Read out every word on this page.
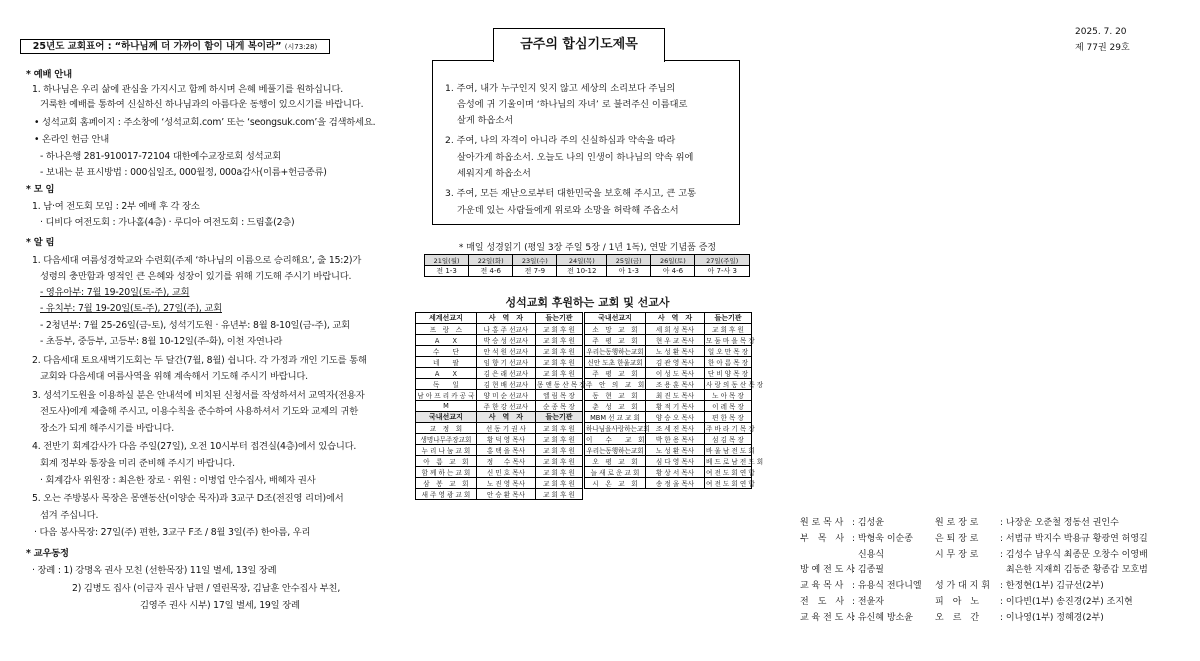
2025. 7. 20
제 77권 29호
25년도 교회표어 : “하나님께 더 가까이 함이 내게 복이라” (시73:28)
* 예배 안내
1. 하나님은 우리 삶에 관심을 가지시고 함께 하시며 은혜 베풀기를 원하십니다.
거룩한 예배를 통하여 신실하신 하나님과의 아름다운 동행이 있으시기를 바랍니다.
• 성석교회 홈페이지 : 주소창에 ‘성석교회.com’ 또는 ‘seongsuk.com’을 검색하세요.
• 온라인 헌금 안내
- 하나은행 281-910017-72104 대한예수교장로회 성석교회
- 보내는 분 표시방법 : 000십일조, 000월정, 000a감사(이름+헌금종류)
* 모 임
1. 남·여 전도회 모임 : 2부 예배 후 각 장소
· 디비다 여전도회 : 가나홀(4층) · 루디아 여전도회 : 드림홀(2층)
* 알 림
1. 다음세대 여름성경학교와 수련회(주제 ‘하나님의 이름으로 승리해요’, 출 15:2)가
성령의 충만함과 영적인 큰 은혜와 성장이 있기를 위해 기도해 주시기 바랍니다.
- 영유아부: 7월 19-20일(토-주), 교회
- 유치부: 7월 19-20일(토-주), 27일(주), 교회
- 2청년부: 7월 25-26일(금-토), 성석기도원 · 유년부: 8월 8-10일(금-주), 교회
- 초등부, 중등부, 고등부: 8월 10-12일(주-화), 이천 자연나라
2. 다음세대 토요새벽기도회는 두 달간(7월, 8월) 쉽니다. 각 가정과 개인 기도를 통해
교회와 다음세대 여름사역을 위해 계속해서 기도해 주시기 바랍니다.
3. 성석기도원을 이용하실 분은 안내석에 비치된 신청서를 작성하셔서 교역자(전용자
전도사)에게 제출해 주시고, 이용수칙을 준수하여 사용하셔서 기도와 교제의 귀한
장소가 되게 해주시기를 바랍니다.
4. 전반기 회계감사가 다음 주일(27일), 오전 10시부터 접견실(4층)에서 있습니다.
회계 정부와 통장을 미리 준비해 주시기 바랍니다.
· 회계감사 위원장 : 최은한 장로 · 위원 : 이병업 안수집사, 배혜자 권사
5. 오는 주방봉사 목장은 몽앤동산(이양순 목자)과 3교구 D조(전진영 리더)에서
섬겨 주십니다.
· 다음 봉사목장: 27일(주) 편한, 3교구 F조 / 8월 3일(주) 한아름, 우리
* 교우동정
· 장례 : 1) 강명옥 권사 모친 (선한목장) 11일 별세, 13일 장례
2) 김병도 집사 (이금자 권사 남편 / 열린목장, 김남훈 안수집사 부친,
김영주 권사 시부) 17일 별세, 19일 장례
1. 주여, 내가 누구인지 잊지 않고 세상의 소리보다 주님의
음성에 귀 기울이며 ‘하나님의 자녀’ 로 불려주신 이름대로
살게 하옵소서
2. 주여, 나의 자격이 아니라 주의 신실하심과 약속을 따라
살아가게 하옵소서. 오늘도 나의 인생이 하나님의 약속 위에
세워지게 하옵소서
3. 주여, 모든 재난으로부터 대한민국을 보호해 주시고, 큰 고통
가운데 있는 사람들에게 위로와 소망을 허락해 주옵소서
금주의 합심기도제목
* 매일 성경읽기 (평일 3장 주일 5장 / 1년 1독), 연말 기념품 증정
21일(월)	22일(화)	23일(수)	24일(목)	25일(금)	26일(토)	27일(주일)
전 1-3	전 4-6	전 7-9	전 10-12	아 1-3	아 4-6	아 7-사 3
성석교회 후원하는 교회 및 선교사
세계선교지	사　역　자	들는기관
프　랑　스	나 홍 주 선교사	교 회 후 원
A　　X	박 승 성 선교사	교 회 후 원
수　　단	안 석 원 선교사	교 회 후 원
네　　팔	임 향 기 선교사	교 회 후 원
A　　X	김 은 래 선교사	교 회 후 원
독　　일	김 현 배 선교사	몽 앤 동 산 목 장
남 아 프 리 카 공 국	양 미 순 선교사	엘 림 목 장
M	주 한 강 선교사	순 종 목 장
국내선교지	사　역　자	들는기관
교　정　회	선 동 기 권 사	교 회 후 원
생명나무주장교회	황 덕 영 목사	교 회 후 원
누 리 나 눔 교 회	홍 택 을 목사	교 회 후 원
아　름　교　회	정 　 수 목사	교 회 후 원
함 께 하 는 교 회	신 민 호 목사	교 회 후 원
삼　봉　교　회	노 진 영 목사	교 회 후 원
새 주 영 광 교 회	안 승 환 목사	교 회 후 원
국내선교지	사　역　자	들는기관
소　망　교　회	세 희 성 목사	교 회 후 원
주　평　교　회	현 우 교 목사	모 둠 마 을 목 장
우리는동행하는교회	노 성 환 목사	일 오 만 목 장
신안 도초 한울교회	김 관 영 목사	한 아 름 목 장
주　평　교　회	이 성 도 목사	단 비 양 목 장
주　안　의　교　회	조 용 훈 목사	사 랑 의 동 산 목 장
동　현　교　회	최 진 도 목사	노 아 목 장
춘　성　교　회	황 적 기 목사	이 레 목 장
MBM 선 교 교 회	양 승 오 목사	편 한 목 장
하나님을사랑하는교회	조 세 진 목사	주 바 라 기 목 장
이　　수　　교　회	박 한 용 목사	섬 김 목 장
우리는동행하는교회	노 성 환 목사	바 울 남 전 도 회
오　평　교　회	심 다 영 목사	베 드 로 남 전 도 회
늘 새 로 운 교 회	황 상 서 목사	여 전 도 회 연 합
시　온　교　회	송 정 울 목사	여 전 도 회 연 합
원 로 목 사 : 김성윤
부　목　사 : 박형욱 이순종
신용식
방 예 전 도 사
: 김종필
교 육 목 사 : 유용식 전다니엘
전　도　사 : 전윤자
교 육 전 도 사
: 유신혜 방소윤
원 로 장 로 : 나장운 오준철 정동선 권인수
은 퇴 장 로 : 서범규 박지수 박용규 황광연 허영길
시 무 장 로 : 김성수 남우식 최종문 오창수 이영배
최은한 지재희 김동준 황종갑 모호범
성 가 대 지 휘 : 한정현(1부) 김규선(2부)
피　아　노 : 이다빈(1부) 송진경(2부) 조지현
오　르　간 : 이나영(1부) 정혜경(2부)
